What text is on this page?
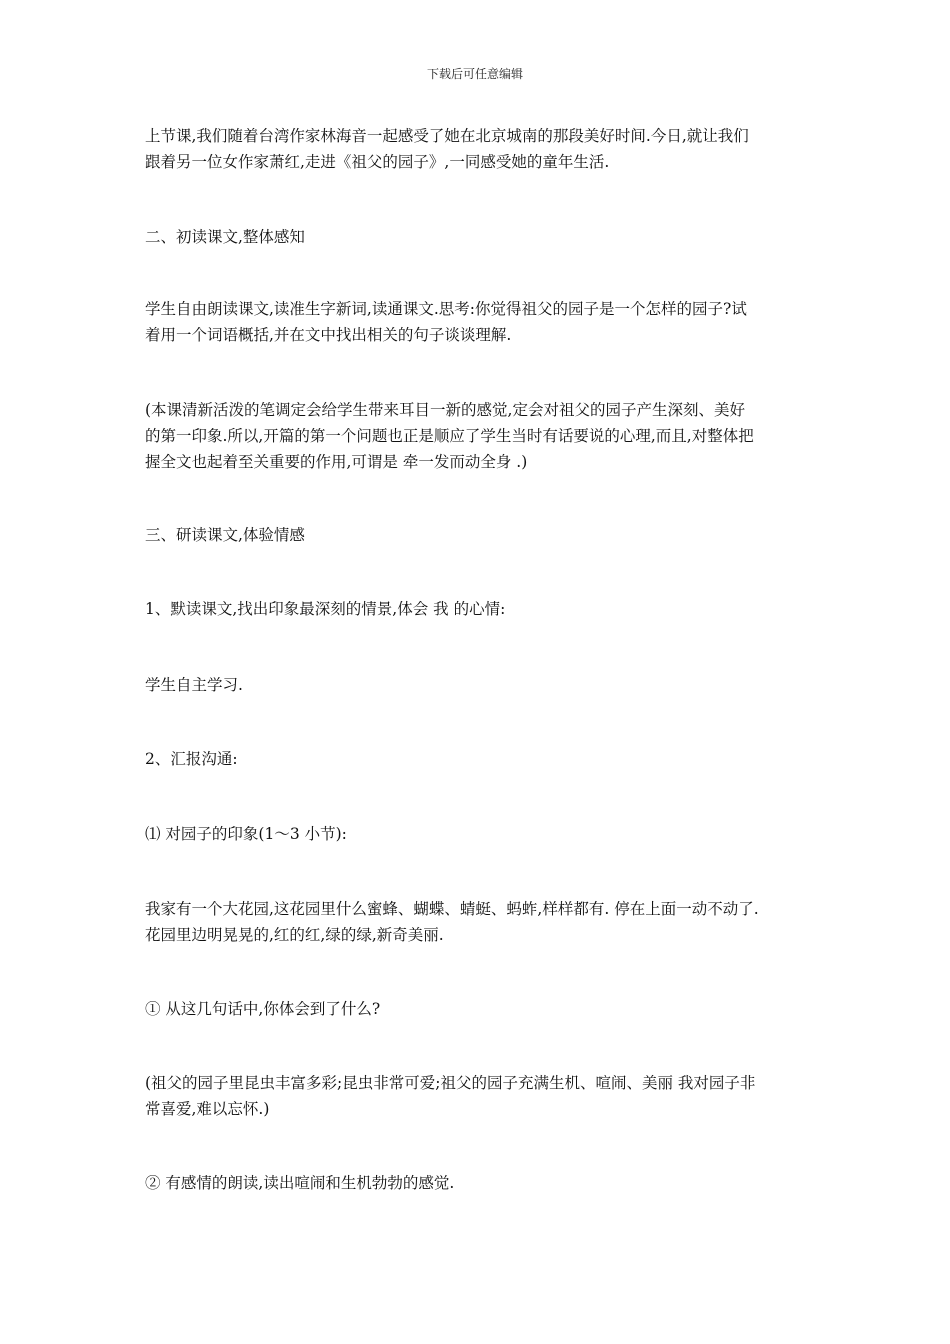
下载后可任意编辑

上节课,我们随着台湾作家林海音一起感受了她在北京城南的那段美好时间.今日,就让我们
跟着另一位女作家萧红,走进《祖父的园子》,一同感受她的童年生活.

二、初读课文,整体感知

学生自由朗读课文,读准生字新词,读通课文.思考:你觉得祖父的园子是一个怎样的园子?试
着用一个词语概括,并在文中找出相关的句子谈谈理解.

(本课清新活泼的笔调定会给学生带来耳目一新的感觉,定会对祖父的园子产生深刻、美好
的第一印象.所以,开篇的第一个问题也正是顺应了学生当时有话要说的心理,而且,对整体把
握全文也起着至关重要的作用,可谓是 牵一发而动全身 .)

三、研读课文,体验情感

1、默读课文,找出印象最深刻的情景,体会 我 的心情:

学生自主学习.

2、汇报沟通:

⑴ 对园子的印象(1～3 小节):

我家有一个大花园,这花园里什么蜜蜂、蝴蝶、蜻蜓、蚂蚱,样样都有. 停在上面一动不动了.
花园里边明晃晃的,红的红,绿的绿,新奇美丽.

① 从这几句话中,你体会到了什么?

(祖父的园子里昆虫丰富多彩;昆虫非常可爱;祖父的园子充满生机、喧闹、美丽 我对园子非
常喜爱,难以忘怀.)

② 有感情的朗读,读出喧闹和生机勃勃的感觉.
